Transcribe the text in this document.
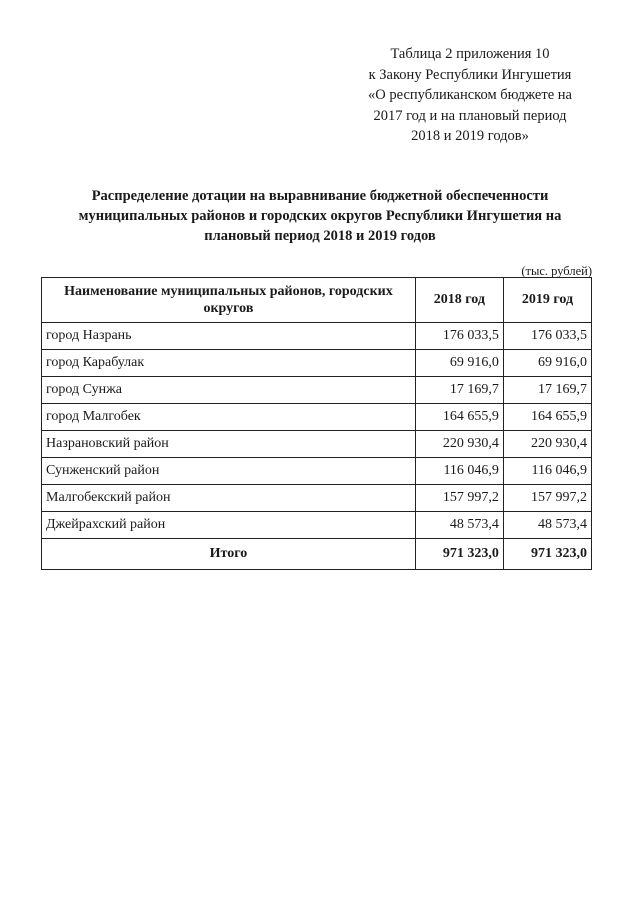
Таблица 2 приложения 10
к Закону Республики Ингушетия
«О республиканском бюджете на
2017 год и на плановый период
2018 и 2019 годов»
Распределение дотации на выравнивание бюджетной обеспеченности
муниципальных районов и городских округов Республики Ингушетия на
плановый период 2018 и 2019 годов
(тыс. рублей)
Наименование муниципальных районов, городских округов	2018 год	2019 год
город Назрань	176 033,5	176 033,5
город Карабулак	69 916,0	69 916,0
город Сунжа	17 169,7	17 169,7
город Малгобек	164 655,9	164 655,9
Назрановский район	220 930,4	220 930,4
Сунженский район	116 046,9	116 046,9
Малгобекский район	157 997,2	157 997,2
Джейрахский район	48 573,4	48 573,4
Итого	971 323,0	971 323,0
